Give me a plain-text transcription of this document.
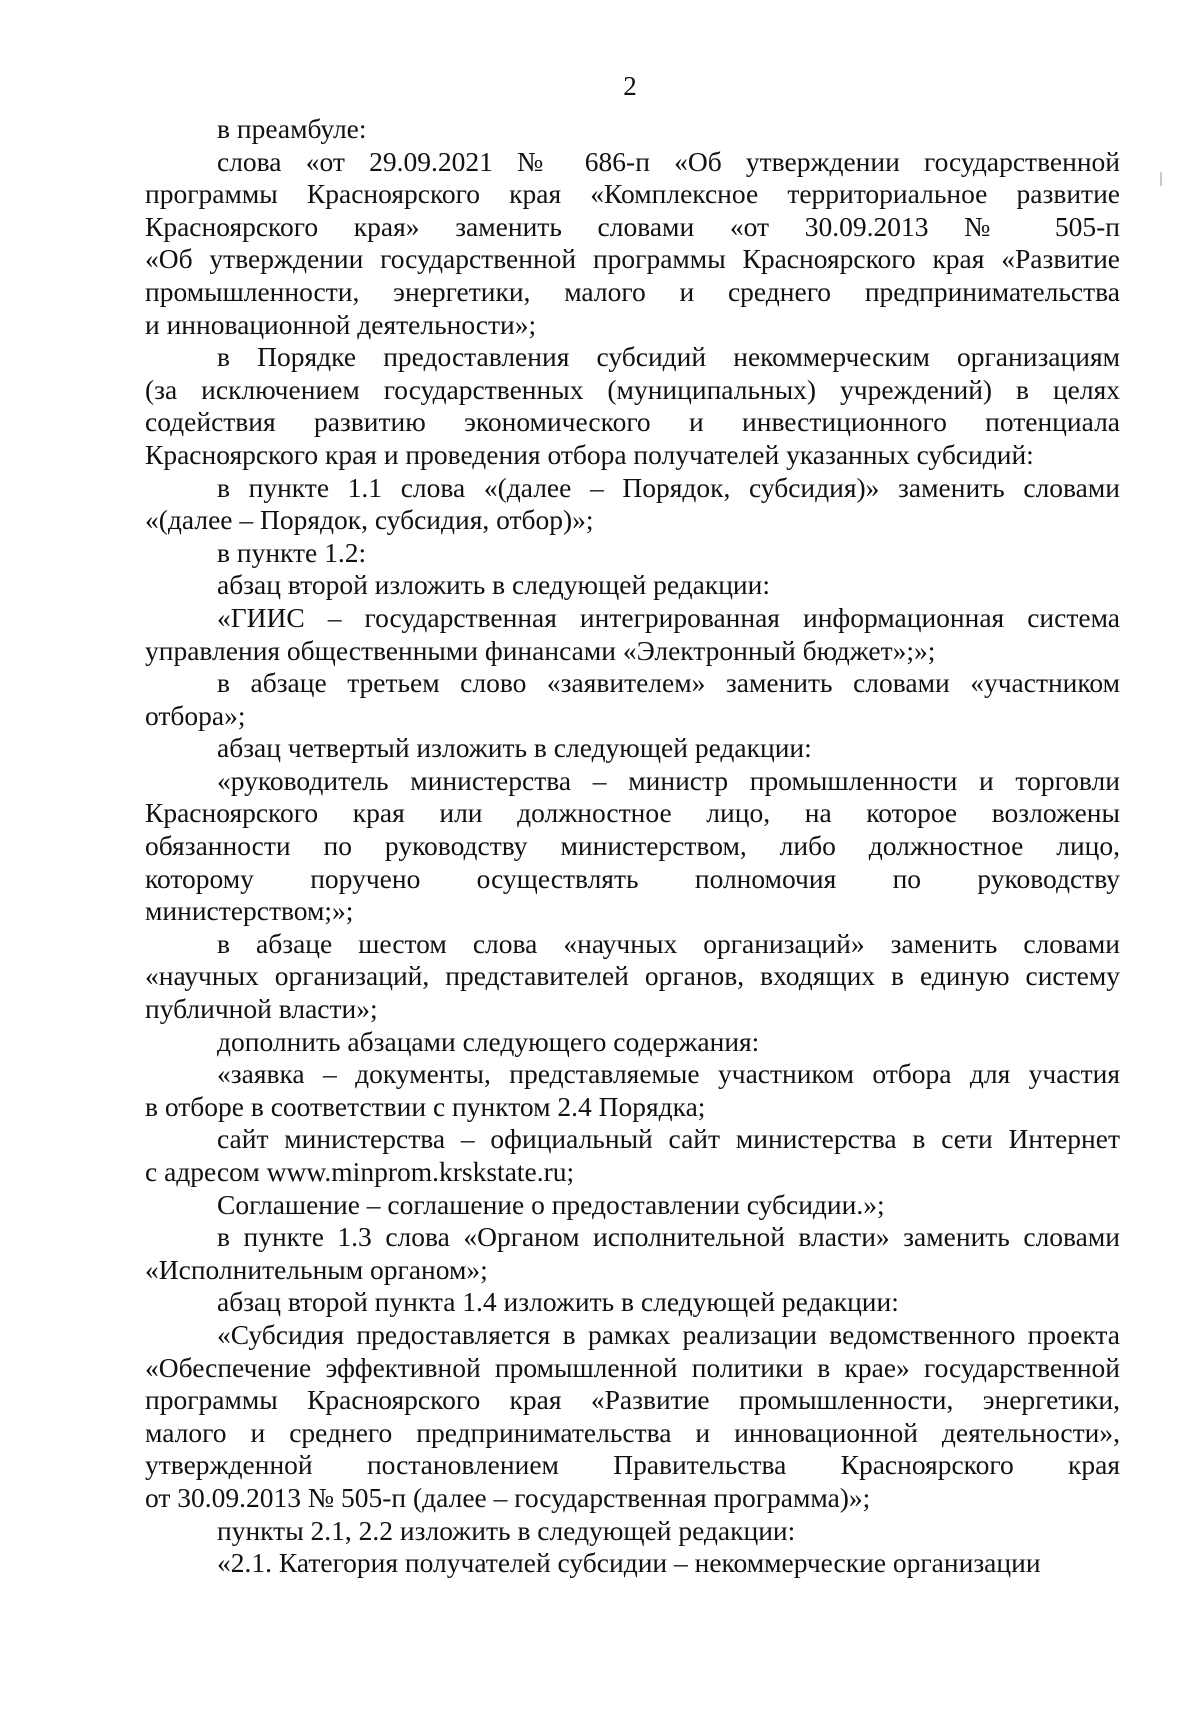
2
в преамбуле:
слова «от 29.09.2021 № 686-п «Об утверждении государственной
программы Красноярского края «Комплексное территориальное развитие
Красноярского края» заменить словами «от 30.09.2013 № 505-п
«Об утверждении государственной программы Красноярского края «Развитие
промышленности, энергетики, малого и среднего предпринимательства
и инновационной деятельности»;
в Порядке предоставления субсидий некоммерческим организациям
(за исключением государственных (муниципальных) учреждений) в целях
содействия развитию экономического и инвестиционного потенциала
Красноярского края и проведения отбора получателей указанных субсидий:
в пункте 1.1 слова «(далее – Порядок, субсидия)» заменить словами
«(далее – Порядок, субсидия, отбор)»;
в пункте 1.2:
абзац второй изложить в следующей редакции:
«ГИИС – государственная интегрированная информационная система
управления общественными финансами «Электронный бюджет»;»;
в абзаце третьем слово «заявителем» заменить словами «участником
отбора»;
абзац четвертый изложить в следующей редакции:
«руководитель министерства – министр промышленности и торговли
Красноярского края или должностное лицо, на которое возложены
обязанности по руководству министерством, либо должностное лицо,
которому поручено осуществлять полномочия по руководству
министерством;»;
в абзаце шестом слова «научных организаций» заменить словами
«научных организаций, представителей органов, входящих в единую систему
публичной власти»;
дополнить абзацами следующего содержания:
«заявка – документы, представляемые участником отбора для участия
в отборе в соответствии с пунктом 2.4 Порядка;
сайт министерства – официальный сайт министерства в сети Интернет
с адресом www.minprom.krskstate.ru;
Соглашение – соглашение о предоставлении субсидии.»;
в пункте 1.3 слова «Органом исполнительной власти» заменить словами
«Исполнительным органом»;
абзац второй пункта 1.4 изложить в следующей редакции:
«Субсидия предоставляется в рамках реализации ведомственного проекта
«Обеспечение эффективной промышленной политики в крае» государственной
программы Красноярского края «Развитие промышленности, энергетики,
малого и среднего предпринимательства и инновационной деятельности»,
утвержденной постановлением Правительства Красноярского края
от 30.09.2013 № 505-п (далее – государственная программа)»;
пункты 2.1, 2.2 изложить в следующей редакции:
«2.1. Категория получателей субсидии – некоммерческие организации
